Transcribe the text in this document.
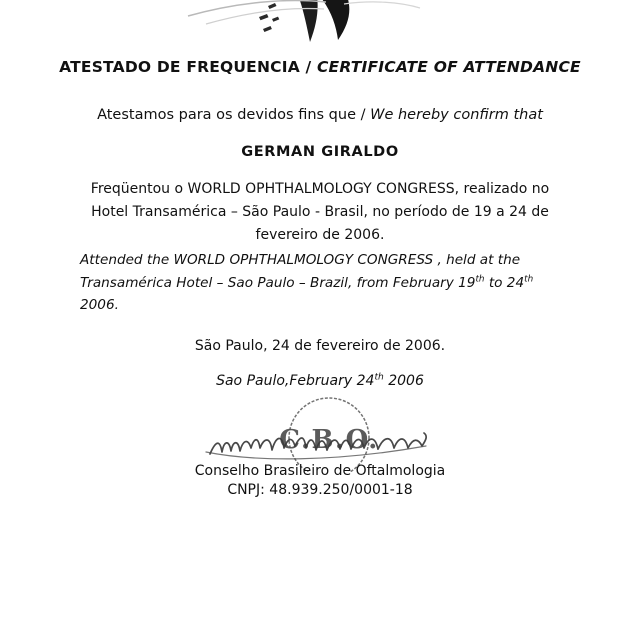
ATESTADO DE FREQUENCIA / CERTIFICATE OF ATTENDANCE
Atestamos para os devidos fins que / We hereby confirm that
GERMAN GIRALDO
Freqüentou o WORLD OPHTHALMOLOGY CONGRESS, realizado no
Hotel Transamérica – São Paulo - Brasil, no período de 19 a 24 de
fevereiro de 2006.
Attended the WORLD OPHTHALMOLOGY CONGRESS , held at the Transamérica Hotel – Sao Paulo – Brazil, from February 19th to 24th 2006.
São Paulo, 24 de fevereiro de 2006.
Sao Paulo,February 24th 2006
C.B.O.
Conselho Brasileiro de Oftalmologia
CNPJ: 48.939.250/0001-18
